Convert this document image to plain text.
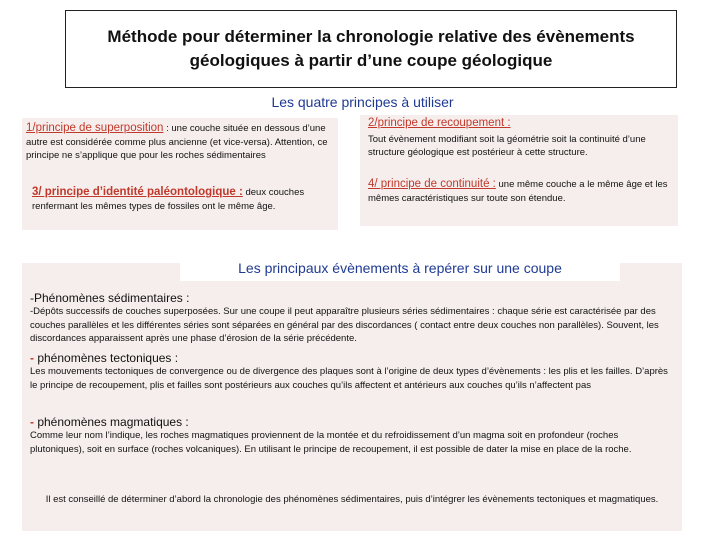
Méthode pour déterminer la chronologie relative des évènements
géologiques à partir d’une coupe géologique
Les quatre principes à utiliser
1/principe de superposition : une couche située en dessous d’une autre est considérée comme plus ancienne (et vice-versa). Attention, ce principe ne s’applique que pour les roches sédimentaires
3/ principe d’identité paléontologique : deux couches renfermant les mêmes types de fossiles ont le même âge.
2/principe de recoupement :
Tout évènement modifiant soit la géométrie soit la continuité d’une structure géologique est postérieur à cette structure.
4/ principe de continuité : une même couche a le même âge et les mêmes caractéristiques sur toute son étendue.
Les principaux évènements à repérer sur une coupe
-Phénomènes sédimentaires :
-Dépôts successifs de couches superposées. Sur une coupe il peut apparaître plusieurs séries sédimentaires : chaque série est caractérisée par des couches parallèles et les différentes séries sont séparées en général par des discordances ( contact entre deux couches non parallèles). Souvent, les discordances apparaissent après une phase d’érosion de la série précédente.
- phénomènes tectoniques :
Les mouvements tectoniques de convergence ou de divergence des plaques sont à l’origine de deux types d’évènements : les plis et les failles. D’après le principe de recoupement, plis et failles sont postérieurs aux couches qu’ils affectent et antérieurs aux couches qu’ils n’affectent pas
- phénomènes magmatiques :
Comme leur nom l’indique, les roches magmatiques proviennent de la montée et du refroidissement d’un magma soit en profondeur (roches plutoniques), soit en surface (roches volcaniques). En utilisant le principe de recoupement, il est possible de dater la mise en place de la roche.
Il est conseillé de déterminer d’abord la chronologie des phénomènes sédimentaires, puis d’intégrer les évènements tectoniques et magmatiques.
